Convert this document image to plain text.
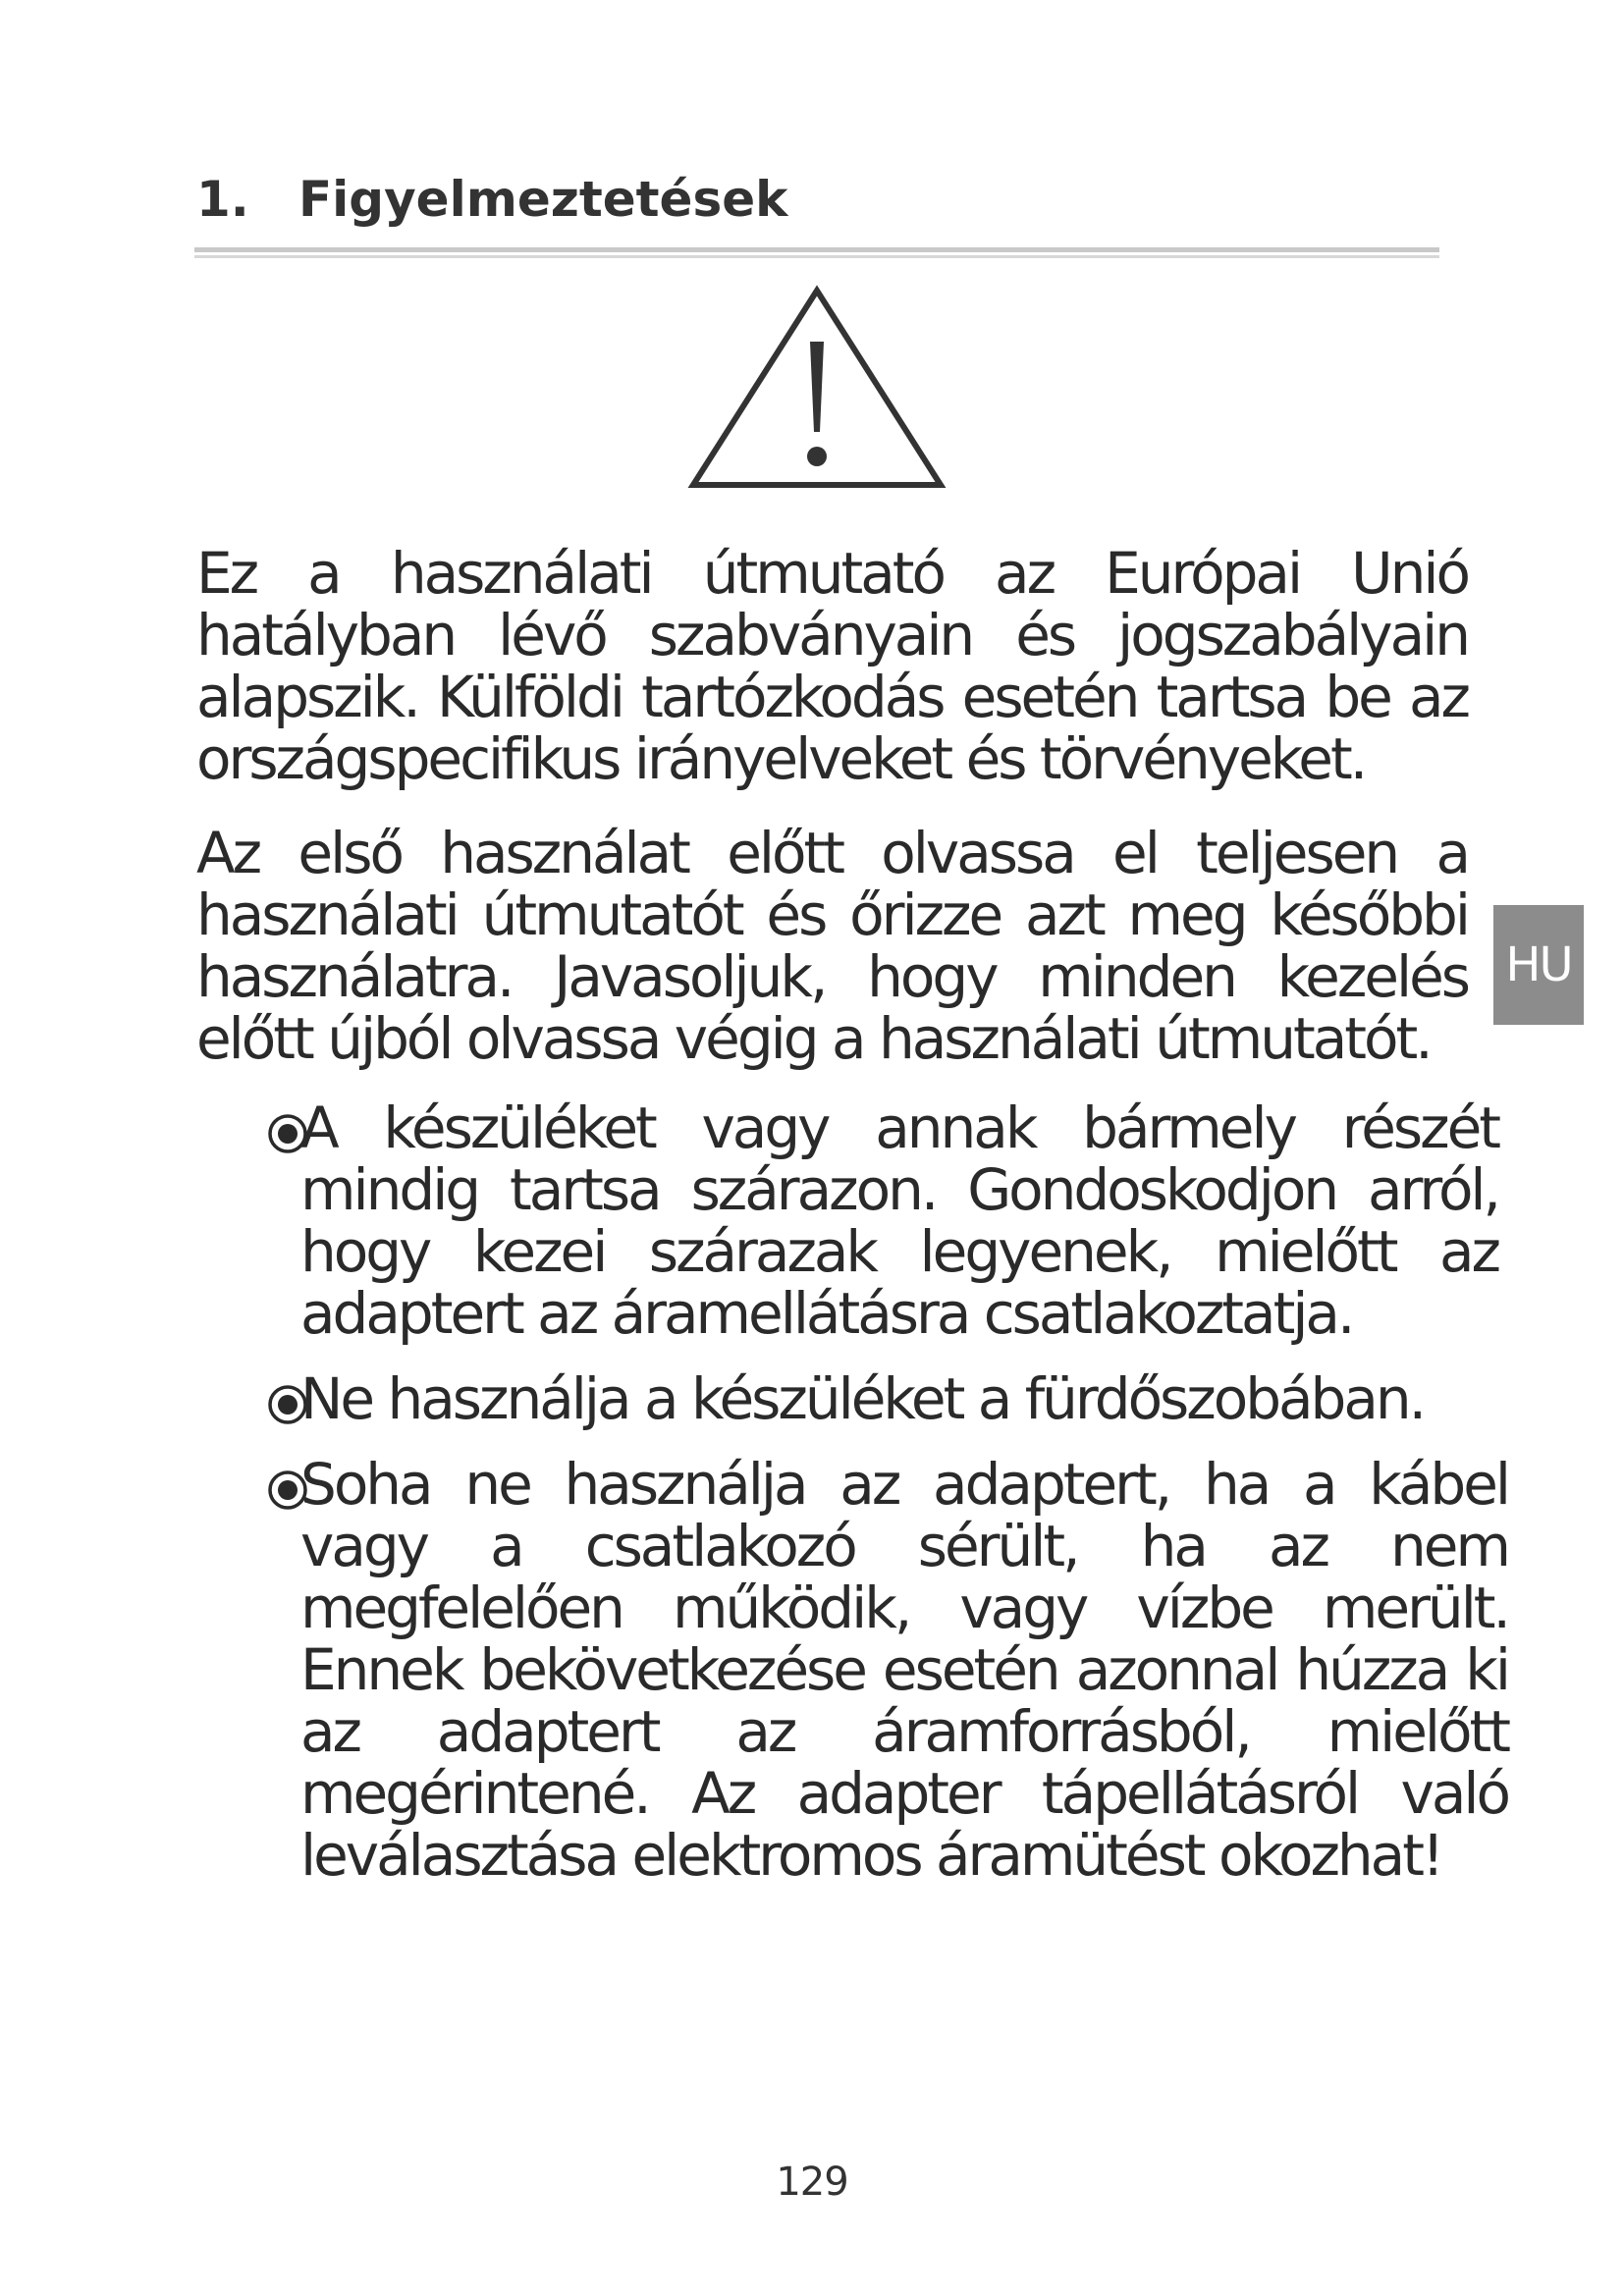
1. Figyelmeztetések

Ez a használati útmutató az Európai Unió hatályban lévő szabványain és jogszabályain alapszik. Külföldi tartózkodás esetén tartsa be az országspecifikus irányelveket és törvényeket.

Az első használat előtt olvassa el teljesen a használati útmutatót és őrizze azt meg későbbi használatra. Javasoljuk, hogy minden kezelés előtt újból olvassa végig a használati útmutatót.

A készüléket vagy annak bármely részét mindig tartsa szárazon. Gondoskodjon arról, hogy kezei szárazak legyenek, mielőtt az adaptert az áramellátásra csatlakoztatja.
Ne használja a készüléket a fürdőszobában.
Soha ne használja az adaptert, ha a kábel vagy a csatlakozó sérült, ha az nem megfelelően működik, vagy vízbe merült. Ennek bekövetkezése esetén azonnal húzza ki az adaptert az áramforrásból, mielőtt megérintené. Az adapter tápellátásról való leválasztása elektromos áramütést okozhat!
HU
129
